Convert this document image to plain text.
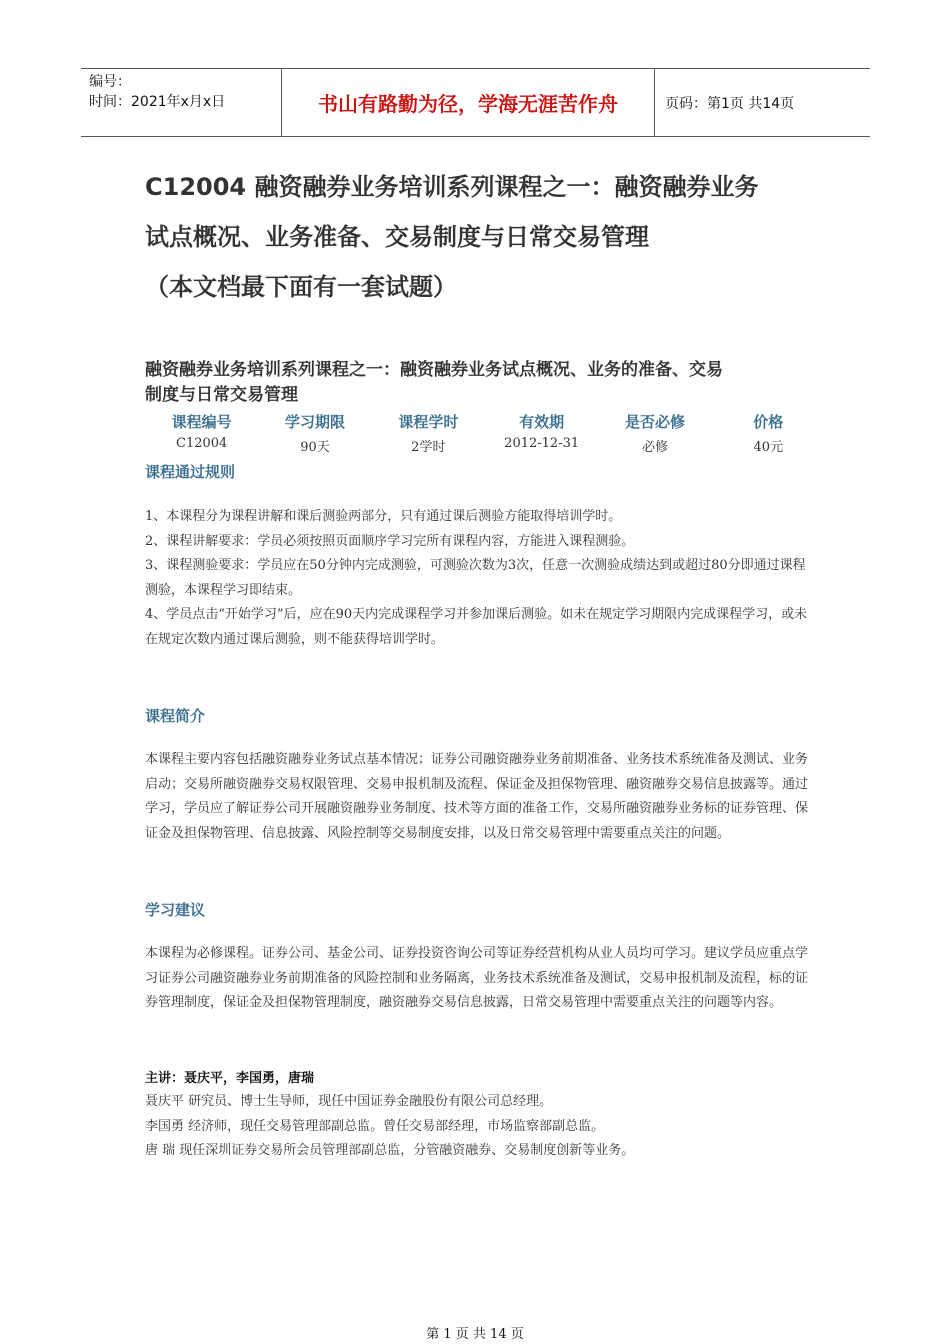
编号：
时间：2021年x月x日	书山有路勤为径，学海无涯苦作舟	页码：第1页 共14页
C12004 融资融券业务培训系列课程之一：融资融券业务
试点概况、业务准备、交易制度与日常交易管理
（本文档最下面有一套试题）
融资融券业务培训系列课程之一：融资融券业务试点概况、业务的准备、交易
制度与日常交易管理
课程编号	学习期限	课程学时	有效期	是否必修	价格
C12004	90天	2学时	2012-12-31	必修	40元
课程通过规则

1、本课程分为课程讲解和课后测验两部分，只有通过课后测验方能取得培训学时。

2、课程讲解要求：学员必须按照页面顺序学习完所有课程内容，方能进入课程测验。

3、课程测验要求：学员应在50分钟内完成测验，可测验次数为3次，任意一次测验成绩达到或超过80分即通过课程测验，本课程学习即结束。

4、学员点击“开始学习”后，应在90天内完成课程学习并参加课后测验。如未在规定学习期限内完成课程学习，或未在规定次数内通过课后测验，则不能获得培训学时。

课程简介
本课程主要内容包括融资融券业务试点基本情况；证券公司融资融券业务前期准备、业务技术系统准备及测试、业务启动；交易所融资融券交易权限管理、交易申报机制及流程、保证金及担保物管理、融资融券交易信息披露等。通过学习，学员应了解证券公司开展融资融券业务制度、技术等方面的准备工作，交易所融资融券业务标的证券管理、保证金及担保物管理、信息披露、风险控制等交易制度安排，以及日常交易管理中需要重点关注的问题。
学习建议
本课程为必修课程。证券公司、基金公司、证券投资咨询公司等证券经营机构从业人员均可学习。建议学员应重点学习证券公司融资融券业务前期准备的风险控制和业务隔离，业务技术系统准备及测试，交易申报机制及流程，标的证券管理制度，保证金及担保物管理制度，融资融券交易信息披露，日常交易管理中需要重点关注的问题等内容。
主讲：聂庆平，李国勇，唐瑞

聂庆平 研究员、博士生导师，现任中国证券金融股份有限公司总经理。

李国勇 经济师，现任交易管理部副总监。曾任交易部经理，市场监察部副总监。

唐 瑞 现任深圳证券交易所会员管理部副总监，分管融资融券、交易制度创新等业务。

第 1 页 共 14 页
